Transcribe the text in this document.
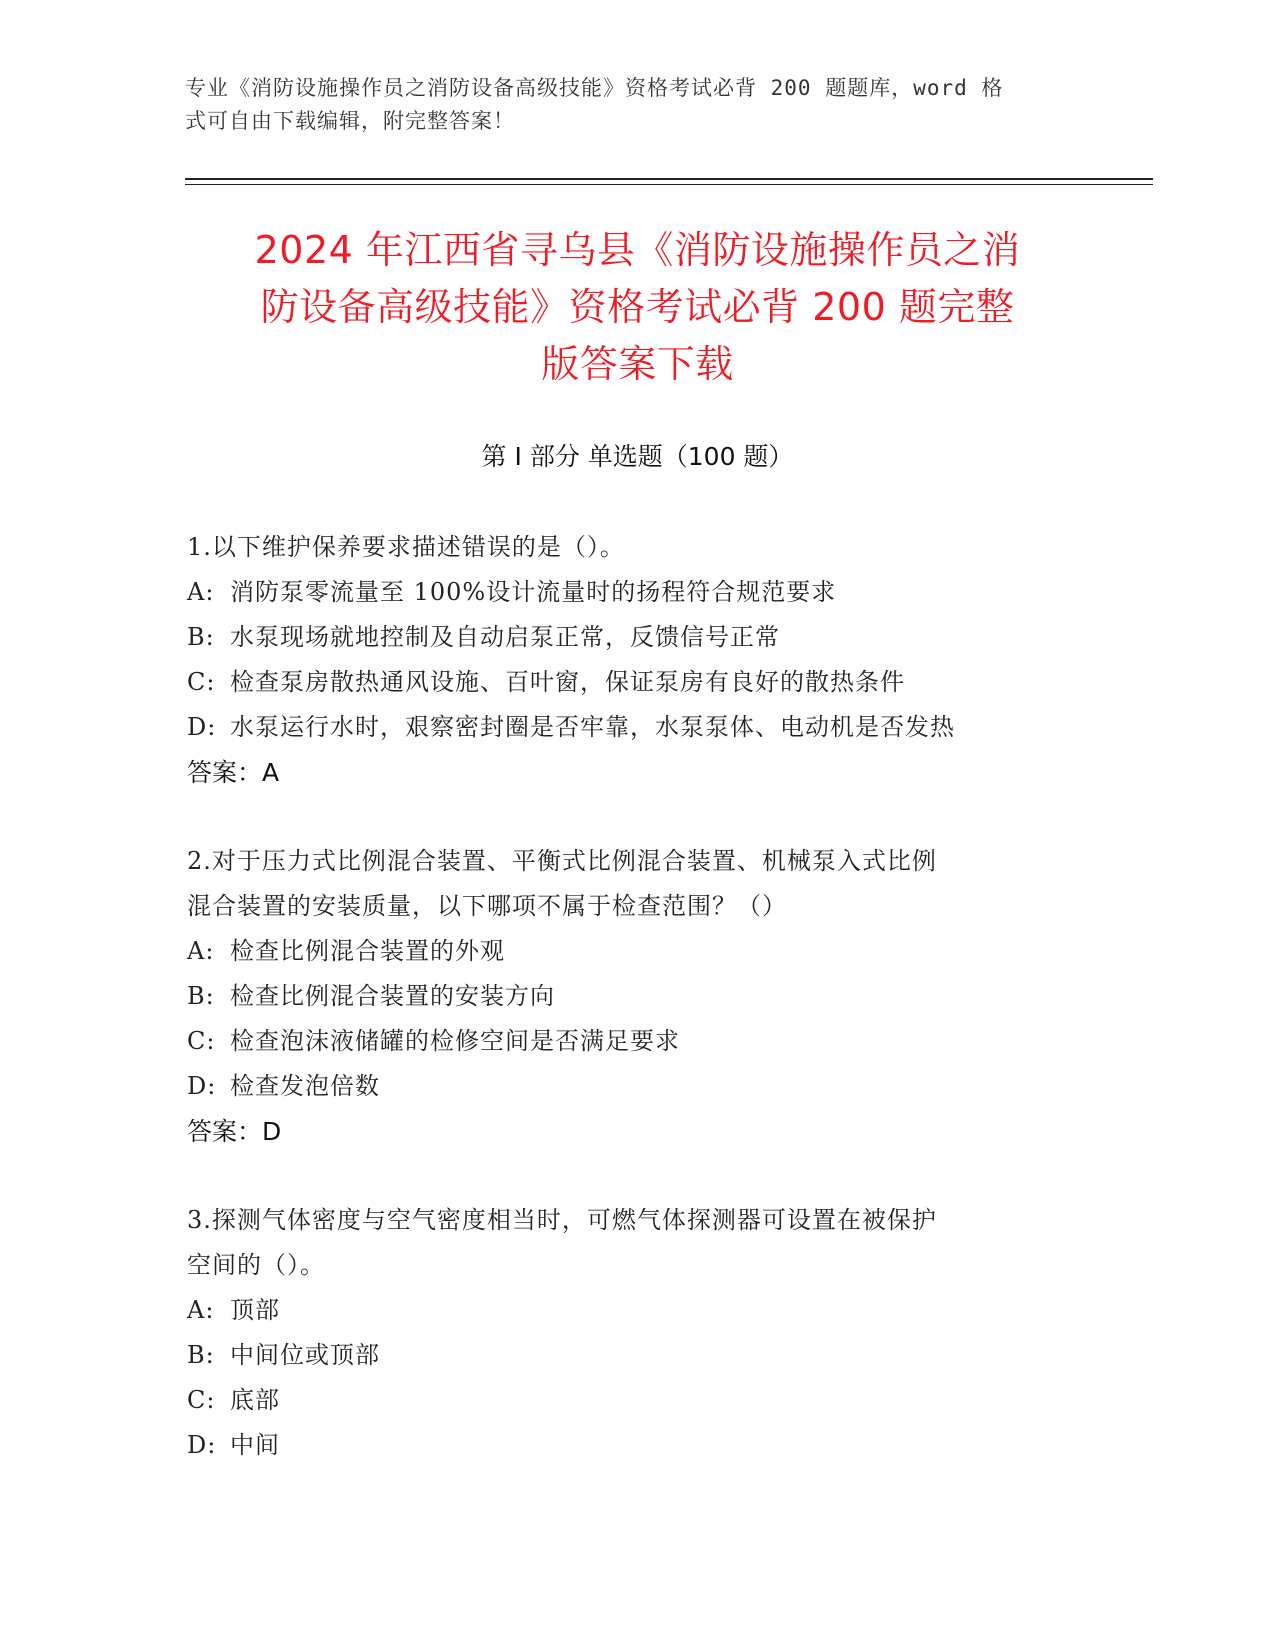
专业《消防设施操作员之消防设备高级技能》资格考试必背 200 题题库，word 格
式可自由下载编辑，附完整答案！
2024 年江西省寻乌县《消防设施操作员之消
防设备高级技能》资格考试必背 200 题完整
版答案下载
第 I 部分 单选题（100 题）
1.以下维护保养要求描述错误的是（）。
A: 消防泵零流量至 100%设计流量时的扬程符合规范要求
B: 水泵现场就地控制及自动启泵正常，反馈信号正常
C: 检查泵房散热通风设施、百叶窗，保证泵房有良好的散热条件
D: 水泵运行水时，艰察密封圈是否牢靠，水泵泵体、电动机是否发热
答案：A
2.对于压力式比例混合装置、平衡式比例混合装置、机械泵入式比例
混合装置的安装质量，以下哪项不属于检查范围？（）
A: 检查比例混合装置的外观
B: 检查比例混合装置的安装方向
C: 检查泡沫液储罐的检修空间是否满足要求
D: 检查发泡倍数
答案：D
3.探测气体密度与空气密度相当时，可燃气体探测器可设置在被保护
空间的（）。
A: 顶部
B: 中间位或顶部
C: 底部
D: 中间
